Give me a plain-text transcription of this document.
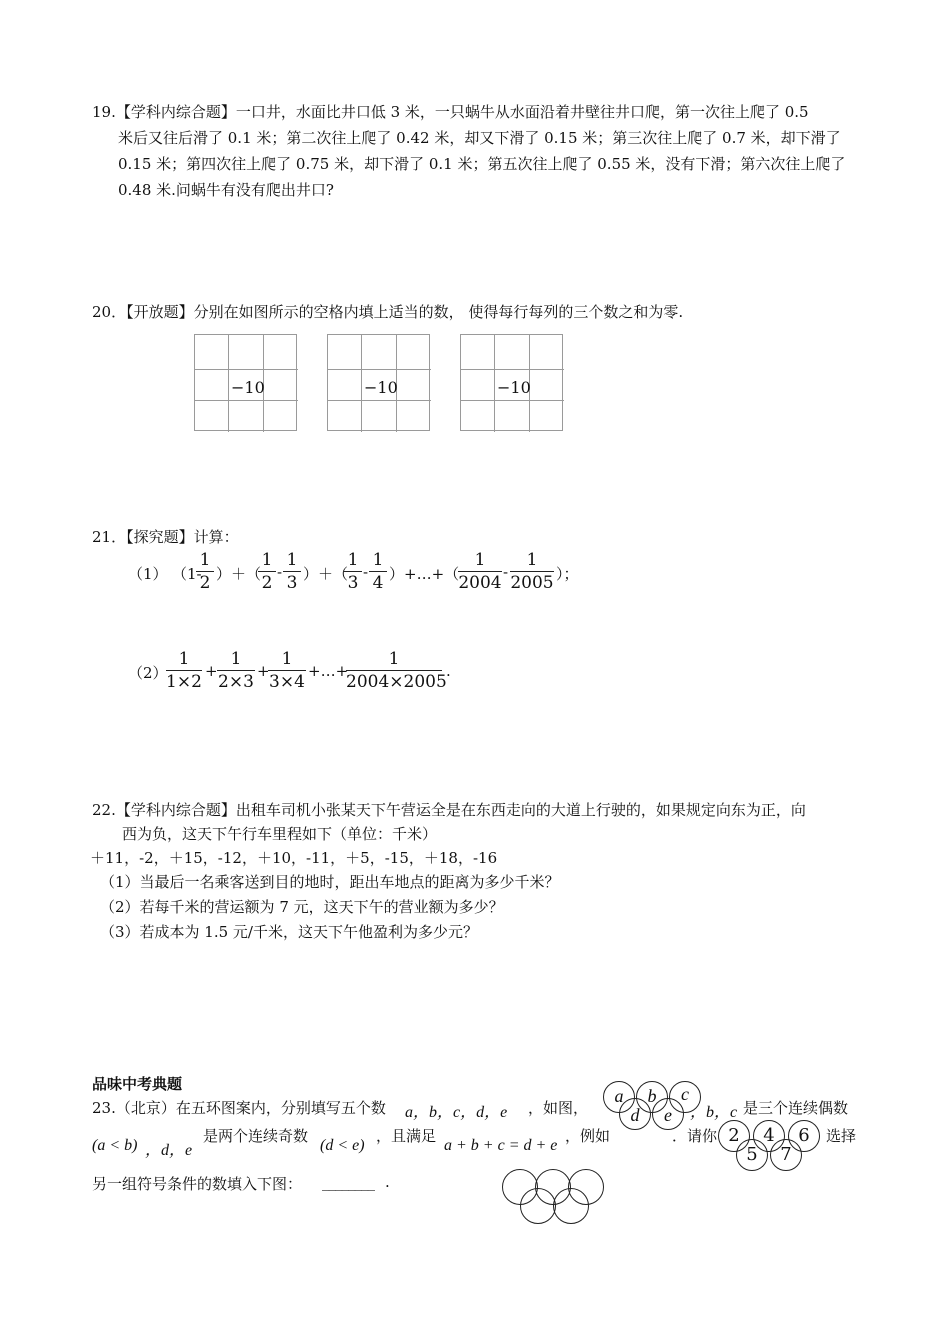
19.【学科内综合题】一口井，水面比井口低 3 米，一只蜗牛从水面沿着井壁往井口爬，第一次往上爬了 0.5
米后又往后滑了 0.1 米；第二次往上爬了 0.42 米，却又下滑了 0.15 米；第三次往上爬了 0.7 米，却下滑了
0.15 米；第四次往上爬了 0.75 米，却下滑了 0.1 米；第五次往上爬了 0.55 米，没有下滑；第六次往上爬了
0.48 米.问蜗牛有没有爬出井口?
20．【开放题】分别在如图所示的空格内填上适当的数， 使得每行每列的三个数之和为零.
−10	−10	−10
21．【探究题】计算：
（1） （1-
1
2 ）＋（
1
2
-
1
3 ）＋（
1
3
-
1
4 ）+…+（
1
2004
-
1
2005 ）；
（2）
1
1×2
+
1
2×3
+
1
3×4
+…+
1
2004×2005
.
22.【学科内综合题】出租车司机小张某天下午营运全是在东西走向的大道上行驶的，如果规定向东为正，向
西为负，这天下午行车里程如下（单位：千米）
＋11，-2，＋15，-12，＋10，-11，＋5，-15，＋18，-16
（1）当最后一名乘客送到目的地时，距出车地点的距离为多少千米？
（2）若每千米的营运额为 7 元，这天下午的营业额为多少？
（3）若成本为 1.5 元/千米，这天下午他盈利为多少元？
品味中考典题
23.（北京）在五环图案内，分别填写五个数 a，b，c，d，e ，如图，
a	b	c
d	e	，b，c 是三个连续偶数
(a < b) ，d，e
是两个连续奇数
(d < e)
，且满足
a + b + c = d + e
，例如	．请你 2	4	6
5	7
选择
另一组符号条件的数填入下图： ________ .
